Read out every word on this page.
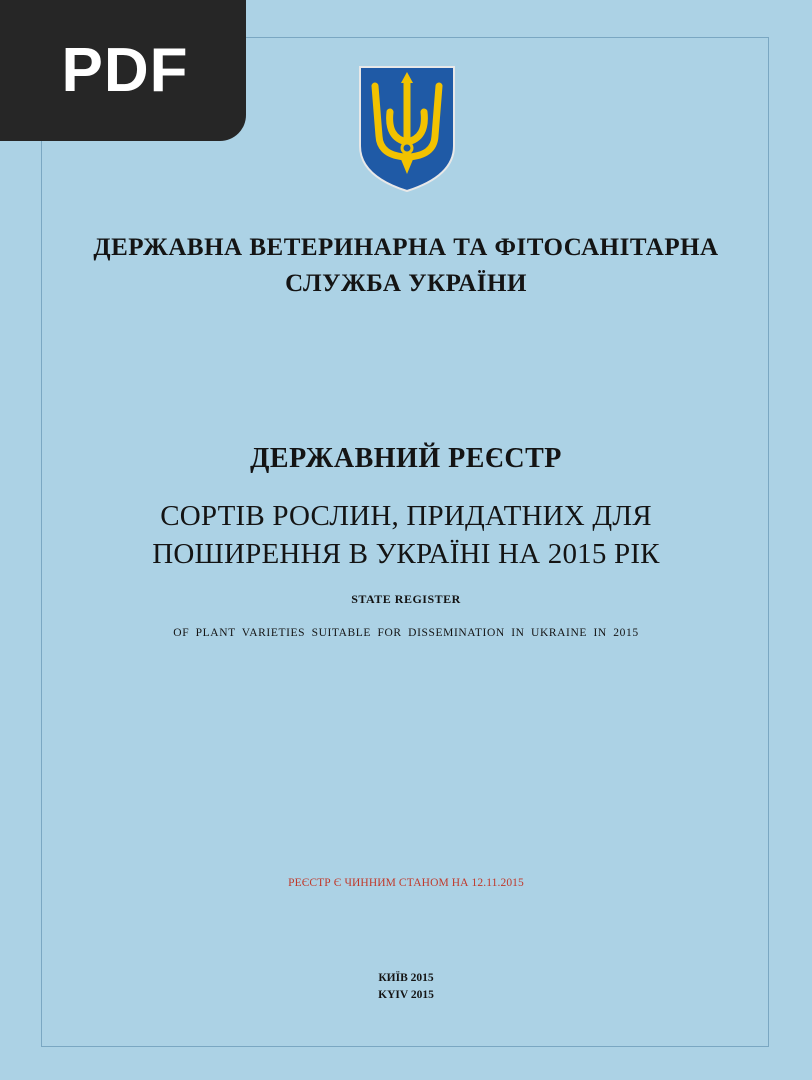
PDF
ДЕРЖАВНА ВЕТЕРИНАРНА ТА ФІТОСАНІТАРНА
СЛУЖБА УКРАЇНИ
ДЕРЖАВНИЙ РЕЄСТР
СОРТІВ РОСЛИН, ПРИДАТНИХ ДЛЯ
ПОШИРЕННЯ В УКРАЇНІ НА 2015 РІК
STATE REGISTER
OF PLANT VARIETIES SUITABLE FOR DISSEMINATION IN UKRAINE IN 2015
РЕЄСТР Є ЧИННИМ СТАНОМ НА 12.11.2015
КИЇВ 2015
KYIV 2015
